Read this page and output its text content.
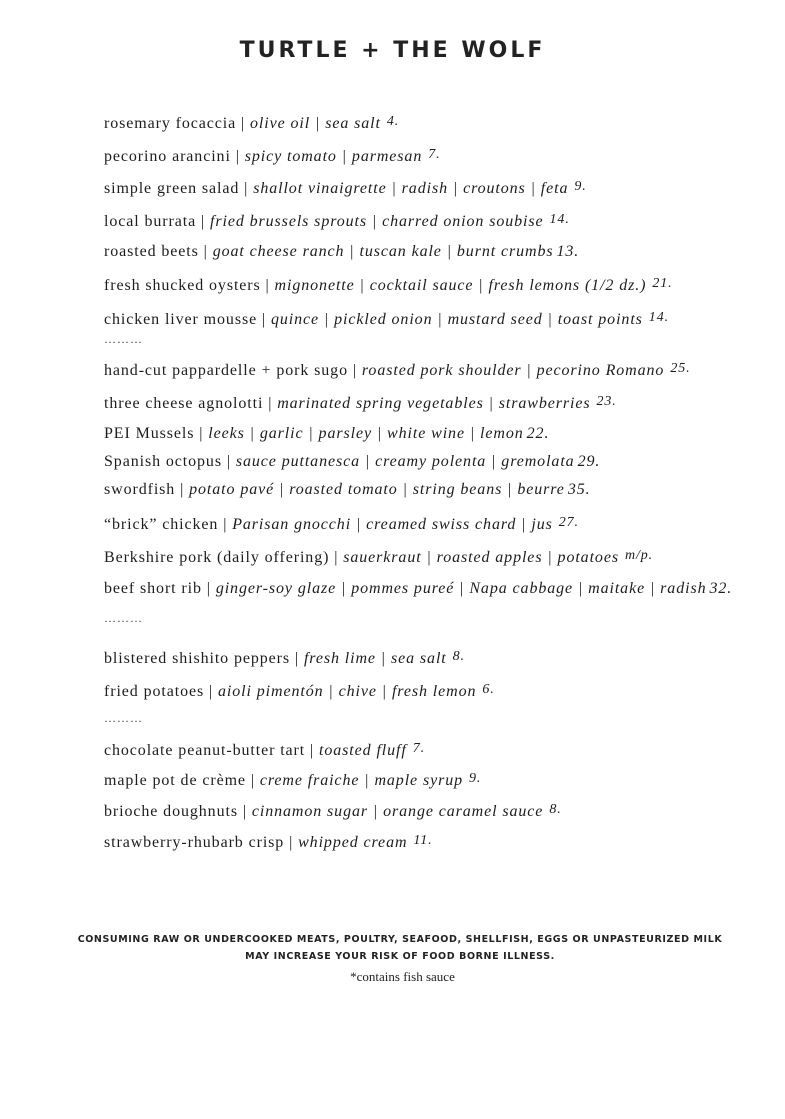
TURTLE + THE WOLF
rosemary focaccia | olive oil | sea salt 4.
pecorino arancini | spicy tomato | parmesan 7.
simple green salad | shallot vinaigrette | radish | croutons | feta 9.
local burrata | fried brussels sprouts | charred onion soubise 14.
roasted beets | goat cheese ranch | tuscan kale | burnt crumbs 13.
fresh shucked oysters | mignonette | cocktail sauce | fresh lemons (1/2 dz.) 21.
chicken liver mousse | quince | pickled onion | mustard seed | toast points 14.
………
hand-cut pappardelle + pork sugo | roasted pork shoulder | pecorino Romano 25.
three cheese agnolotti | marinated spring vegetables | strawberries 23.
PEI Mussels | leeks | garlic | parsley | white wine | lemon 22.
Spanish octopus | sauce puttanesca | creamy polenta | gremolata 29.
swordfish | potato pavé | roasted tomato | string beans | beurre 35.
“brick” chicken | Parisan gnocchi | creamed swiss chard | jus 27.
Berkshire pork (daily offering) | sauerkraut | roasted apples | potatoes m/p.
beef short rib | ginger-soy glaze | pommes pureé | Napa cabbage | maitake | radish 32.
………
blistered shishito peppers | fresh lime | sea salt 8.
fried potatoes | aioli pimentón | chive | fresh lemon 6.
………
chocolate peanut-butter tart | toasted fluff 7.
maple pot de crème | creme fraiche | maple syrup 9.
brioche doughnuts | cinnamon sugar | orange caramel sauce 8.
strawberry-rhubarb crisp | whipped cream 11.
CONSUMING RAW OR UNDERCOOKED MEATS, POULTRY, SEAFOOD, SHELLFISH, EGGS OR UNPASTEURIZED MILK
MAY INCREASE YOUR RISK OF FOOD BORNE ILLNESS.
*contains fish sauce
